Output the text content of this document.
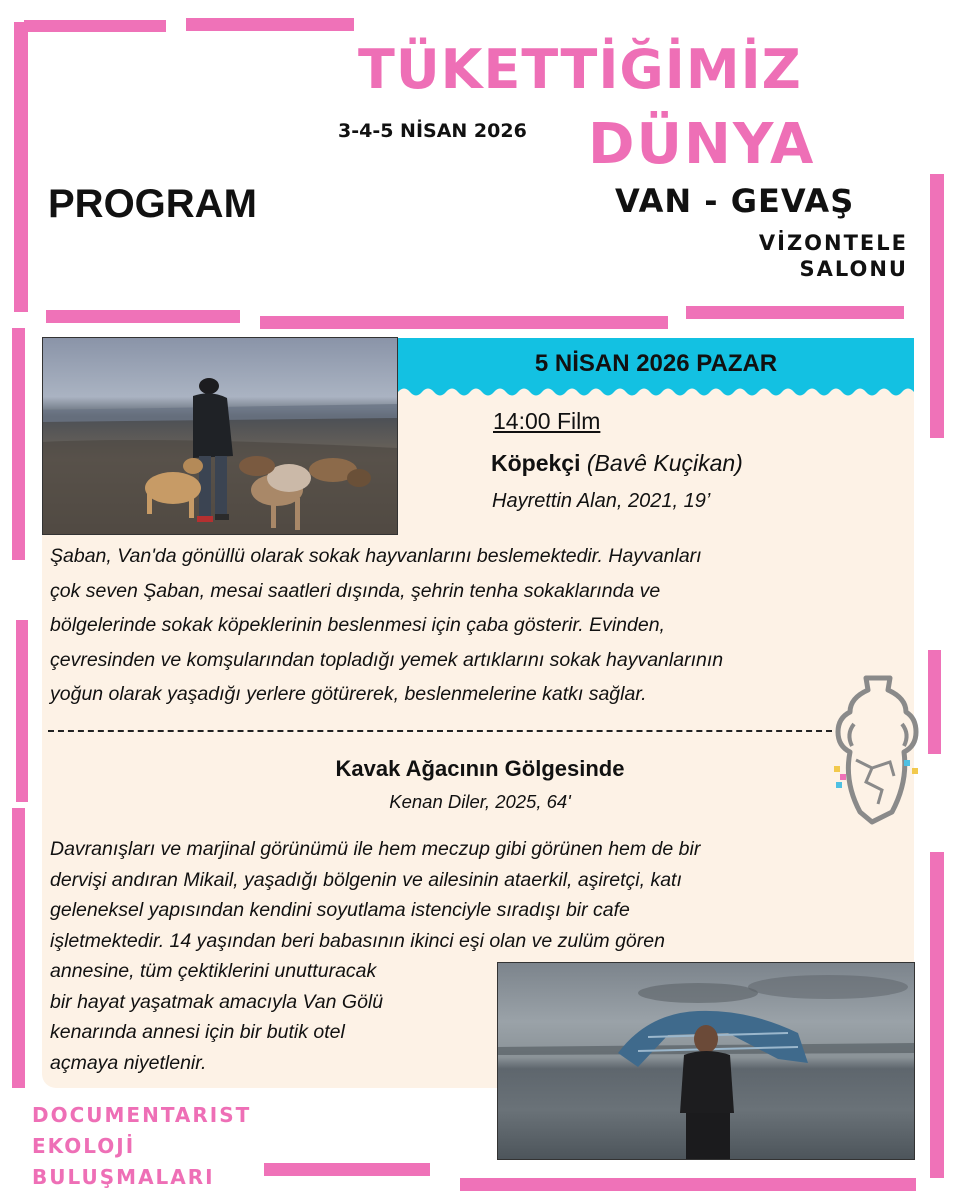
TÜKETTİĞİMİZ
3-4-5 NİSAN 2026 DÜNYA
PROGRAM	VAN - GEVAŞ
VİZONTELE
SALONU
5 NİSAN 2026 PAZAR
14:00 Film
Köpekçi (Bavê Kuçikan)
Hayrettin Alan, 2021, 19’
Şaban, Van'da gönüllü olarak sokak hayvanlarını beslemektedir. Hayvanları
çok seven Şaban, mesai saatleri dışında, şehrin tenha sokaklarında ve
bölgelerinde sokak köpeklerinin beslenmesi için çaba gösterir. Evinden,
çevresinden ve komşularından topladığı yemek artıklarını sokak hayvanlarının
yoğun olarak yaşadığı yerlere götürerek, beslenmelerine katkı sağlar.
Kavak Ağacının Gölgesinde
Kenan Diler, 2025, 64'
Davranışları ve marjinal görünümü ile hem meczup gibi görünen hem de bir
dervişi andıran Mikail, yaşadığı bölgenin ve ailesinin ataerkil, aşiretçi, katı
geleneksel yapısından kendini soyutlama istenciyle sıradışı bir cafe
işletmektedir. 14 yaşından beri babasının ikinci eşi olan ve zulüm gören
annesine, tüm çektiklerini unutturacak
bir hayat yaşatmak amacıyla Van Gölü
kenarında annesi için bir butik otel
açmaya niyetlenir.
DOCUMENTARIST
EKOLOJİ
BULUŞMALARI
